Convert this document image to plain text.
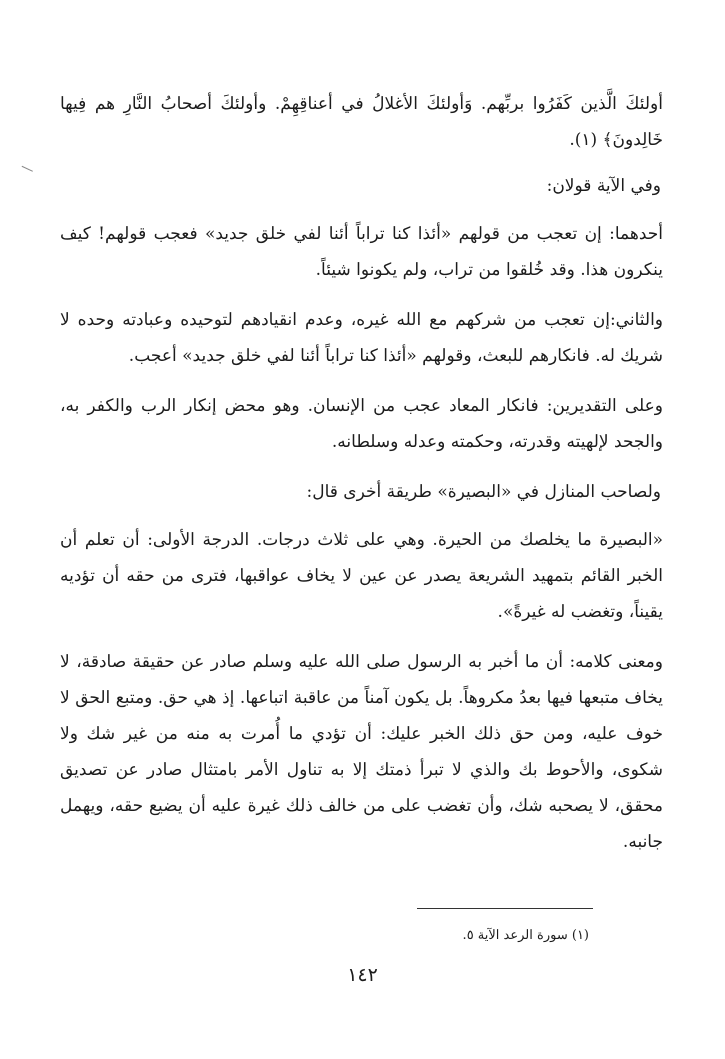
أولئكَ الَّذين كَفَرُوا بربِّهم. وَأولئكَ الأغلالُ في أعناقِهِمْ. وأولئكَ أصحابُ النَّارِ هم فِيها خَالِدونَ﴾ (١).

وفي الآية قولان:

أحدهما: إن تعجب من قولهم «أئذا كنا تراباً أئنا لفي خلق جديد» فعجب قولهم! كيف ينكرون هذا. وقد خُلقوا من تراب، ولم يكونوا شيئاً.

والثاني:إن تعجب من شركهم مع الله غيره، وعدم انقيادهم لتوحيده وعبادته وحده لا شريك له. فانكارهم للبعث، وقولهم «أئذا كنا تراباً أئنا لفي خلق جديد» أعجب.

وعلى التقديرين: فانكار المعاد عجب من الإنسان. وهو محض إنكار الرب والكفر به، والجحد لإلهيته وقدرته، وحكمته وعدله وسلطانه.

ولصاحب المنازل في «البصيرة» طريقة أخرى قال:

«البصيرة ما يخلصك من الحيرة. وهي على ثلاث درجات. الدرجة الأولى: أن تعلم أن الخبر القائم بتمهيد الشريعة يصدر عن عين لا يخاف عواقبها، فترى من حقه أن تؤديه يقيناً، وتغضب له غيرةً».

ومعنى كلامه: أن ما أخبر به الرسول صلى الله عليه وسلم صادر عن حقيقة صادقة، لا يخاف متبعها فيها بعدُ مكروهاً. بل يكون آمناً من عاقبة اتباعها. إذ هي حق. ومتبع الحق لا خوف عليه، ومن حق ذلك الخبر عليك: أن تؤدي ما أُمرت به منه من غير شك ولا شكوى، والأحوط بك والذي لا تبرأ ذمتك إلا به تناول الأمر بامتثال صادر عن تصديق محقق، لا يصحبه شك، وأن تغضب على من خالف ذلك غيرة عليه أن يضيع حقه، ويهمل جانبه.

(١) سورة الرعد الآية ٥.
١٤٢
